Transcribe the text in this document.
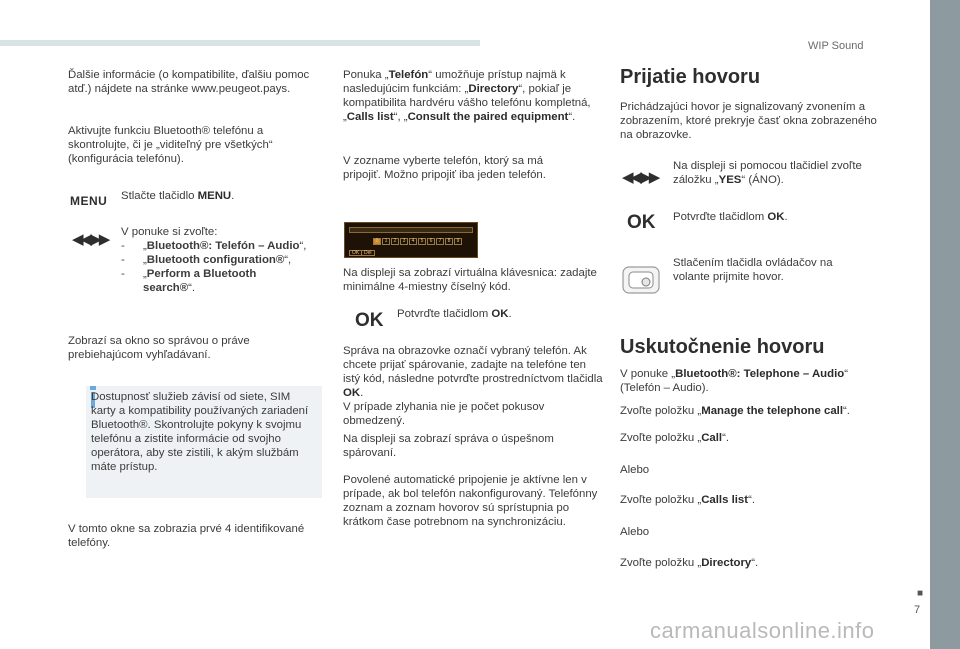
WIP Sound
■
7
carmanualsonline.info

Ďalšie informácie (o kompatibilite, ďalšiu pomoc atď.) nájdete na stránke www.peugeot.pays.

Aktivujte funkciu Bluetooth® telefónu a skontrolujte, či je „viditeľný pre všetkých“ (konfigurácia telefónu).

MENU Stlačte tlačidlo MENU.

◀◀ ▶▶ V ponuke si zvoľte:

- „Bluetooth®: Telefón – Audio“,
- „Bluetooth configuration®“,
- „Perform a Bluetooth search®“.

Zobrazí sa okno so správou o práve prebiehajúcom vyhľadávaní.

Dostupnosť služieb závisí od siete, SIM karty a kompatibility používaných zariadení Bluetooth®. Skontrolujte pokyny k svojmu telefónu a zistite informácie od svojho operátora, aby ste zistili, k akým službám máte prístup.

V tomto okne sa zobrazia prvé 4 identifikované telefóny.

Ponuka „Telefón“ umožňuje prístup najmä k nasledujúcim funkciám: „Directory“, pokiaľ je kompatibilita hardvéru vášho telefónu kompletná, „Calls list“, „Consult the paired equipment“.

V zozname vyberte telefón, ktorý sa má pripojiť. Možno pripojiť iba jeden telefón.

0	1	2	3	4	5	6	7	8	9
OK Del

Na displeji sa zobrazí virtuálna klávesnica: zadajte minimálne 4-miestny číselný kód.

OK Potvrďte tlačidlom OK.

Správa na obrazovke označí vybraný telefón. Ak chcete prijať spárovanie, zadajte na telefóne ten istý kód, následne potvrďte prostredníctvom tlačidla OK.
V prípade zlyhania nie je počet pokusov obmedzený.

Na displeji sa zobrazí správa o úspešnom spárovaní.

Povolené automatické pripojenie je aktívne len v prípade, ak bol telefón nakonfigurovaný. Telefónny zoznam a zoznam hovorov sú sprístupnia po krátkom čase potrebnom na synchronizáciu.

Prijatie hovoru

Prichádzajúci hovor je signalizovaný zvonením a zobrazením, ktoré prekryje časť okna zobrazeného na obrazovke.

◀◀ ▶▶

Na displeji si pomocou tlačidiel zvoľte záložku „YES“ (ÁNO).

OK Potvrďte tlačidlom OK.

Stlačením tlačidla ovládačov na volante prijmite hovor.

Uskutočnenie hovoru

V ponuke „Bluetooth®: Telephone – Audio“ (Telefón – Audio).

Zvoľte položku „Manage the telephone call“.

Zvoľte položku „Call“.

Alebo

Zvoľte položku „Calls list“.

Alebo

Zvoľte položku „Directory“.
